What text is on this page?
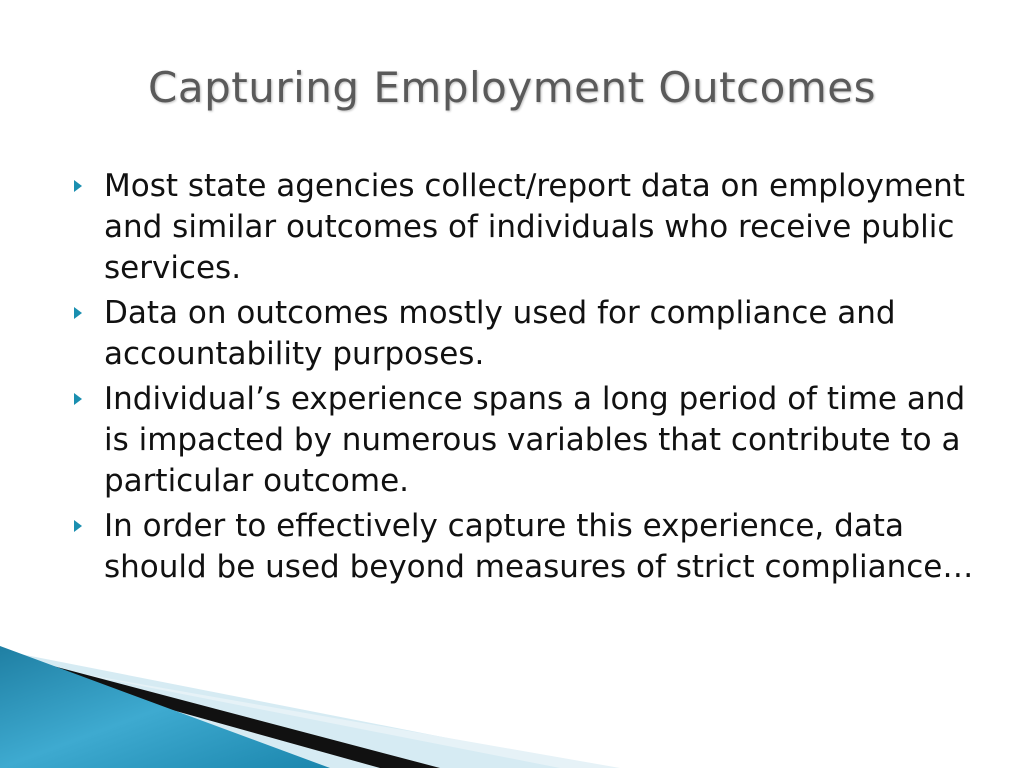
Capturing Employment Outcomes
Most state agencies collect/report data on employment and similar outcomes of individuals who receive public services.
Data on outcomes mostly used for compliance and accountability purposes.
Individual’s experience spans a long period of time and is impacted by numerous variables that contribute to a particular outcome.
In order to effectively capture this experience, data should be used beyond measures of strict compliance…
